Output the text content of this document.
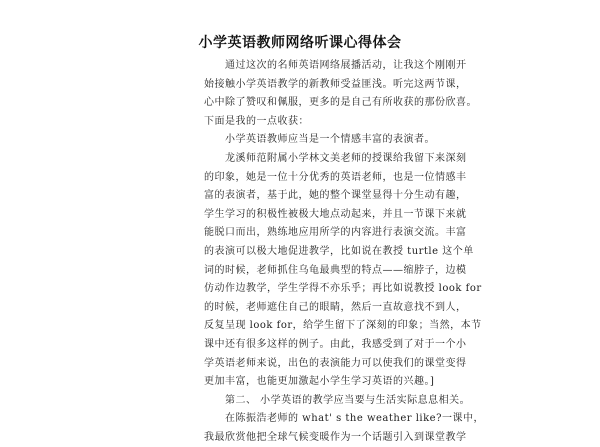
小学英语教师网络听课心得体会
　　通过这次的名师英语网络展播活动，让我这个刚刚开
始接触小学英语教学的新教师受益匪浅。听完这两节课，
心中除了赞叹和佩服，更多的是自己有所收获的那份欣喜。
下面是我的一点收获：
　　小学英语教师应当是一个情感丰富的表演者。
　　龙溪师范附属小学林文美老师的授课给我留下来深刻
的印象，她是一位十分优秀的英语老师，也是一位情感丰
富的表演者，基于此，她的整个课堂显得十分生动有趣，
学生学习的积极性被极大地点动起来，并且一节课下来就
能脱口而出，熟练地应用所学的内容进行表演交流。丰富
的表演可以极大地促进教学，比如说在教授 turtle 这个单
词的时候，老师抓住乌龟最典型的特点——缩脖子，边模
仿动作边教学，学生学得不亦乐乎；再比如说教授 look for
的时候，老师遮住自己的眼睛，然后一直故意找不到人，
反复呈现 look for，给学生留下了深刻的印象；当然，本节
课中还有很多这样的例子。由此，我感受到了对于一个小
学英语老师来说，出色的表演能力可以使我们的课堂变得
更加丰富，也能更加激起小学生学习英语的兴趣。]
　　第二、 小学英语的教学应当要与生活实际息息相关。
　　在陈振浩老师的 what' s the weather like?一课中，
我最欣赏他把全球气候变暖作为一个话题引入到课堂教学
